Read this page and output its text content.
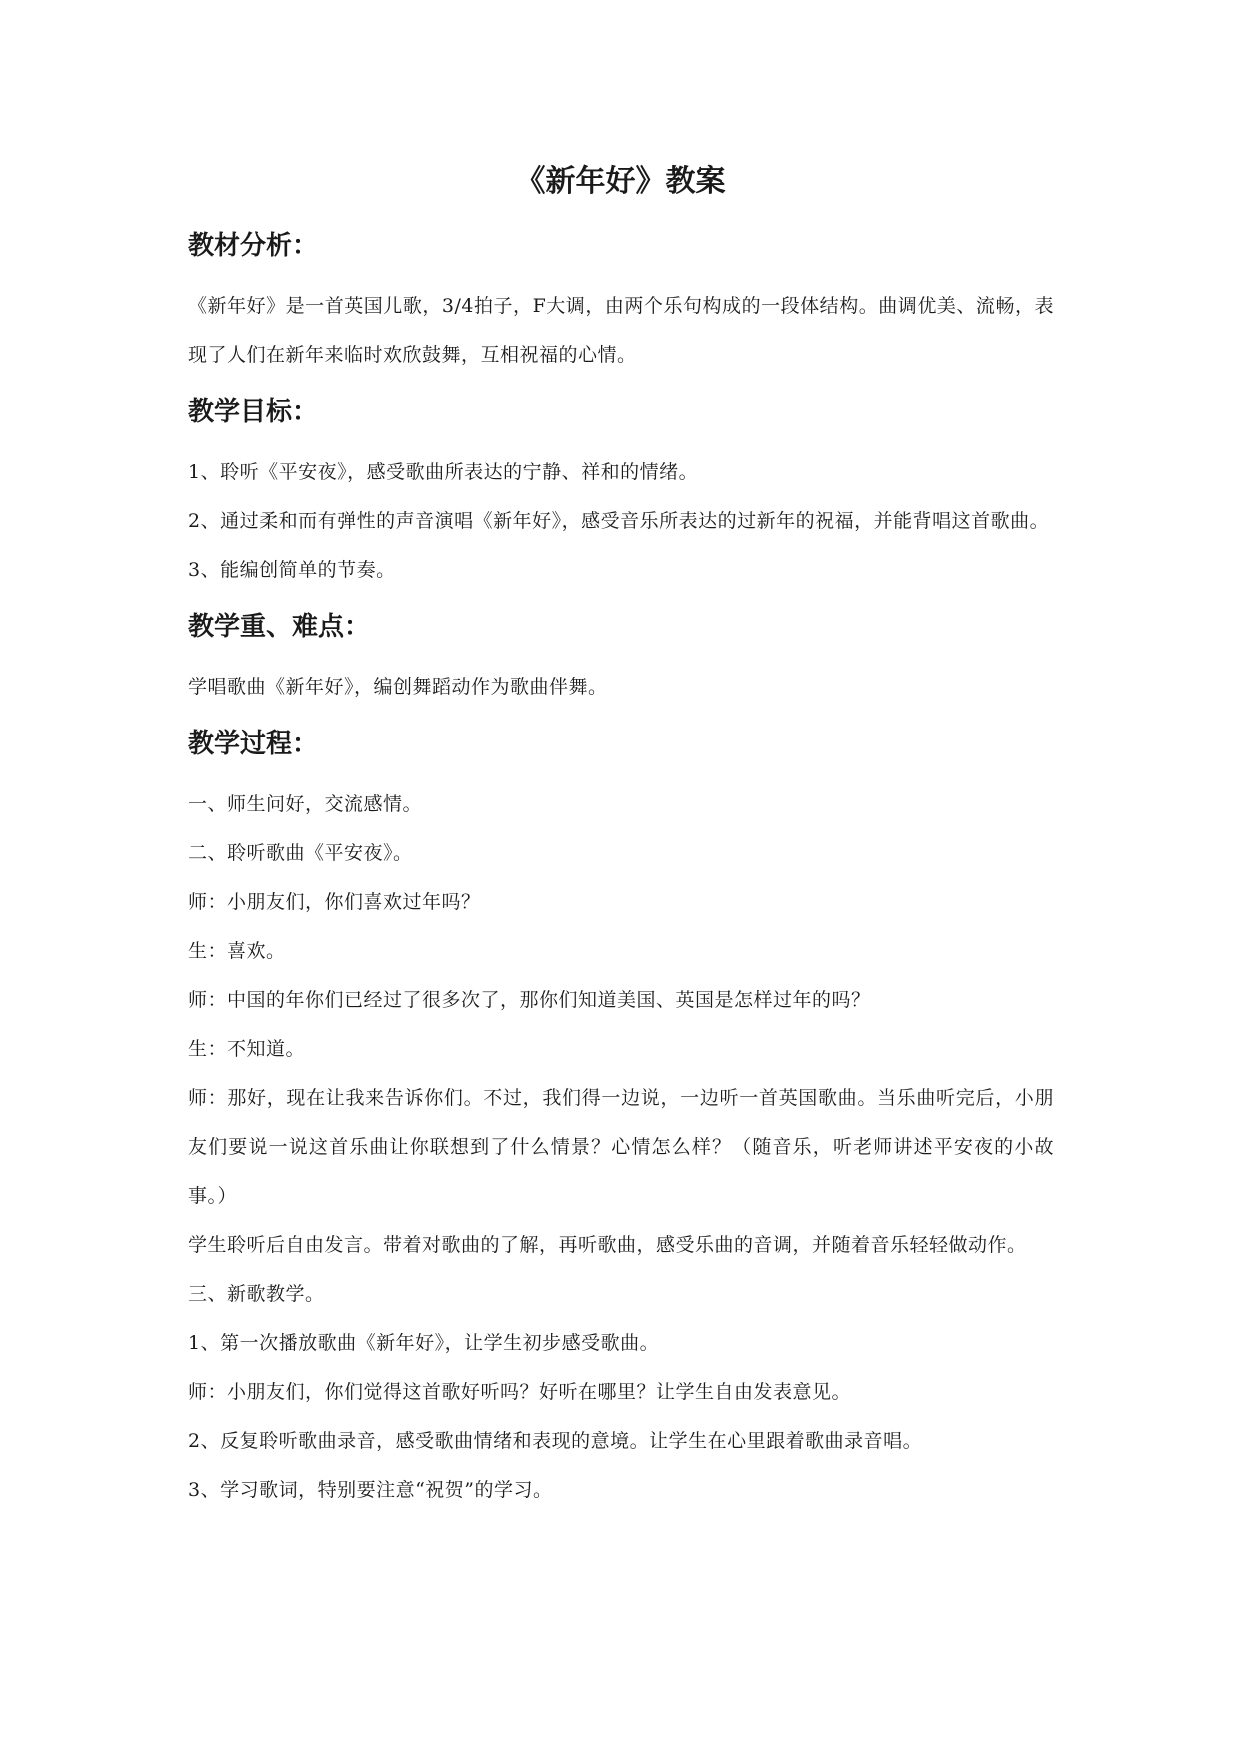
《新年好》教案
教材分析：

《新年好》是一首英国儿歌，3/4拍子，F大调，由两个乐句构成的一段体结构。曲调优美、流畅，表现了人们在新年来临时欢欣鼓舞，互相祝福的心情。

教学目标：

1、聆听《平安夜》，感受歌曲所表达的宁静、祥和的情绪。

2、通过柔和而有弹性的声音演唱《新年好》，感受音乐所表达的过新年的祝福，并能背唱这首歌曲。

3、能编创简单的节奏。

教学重、难点：

学唱歌曲《新年好》，编创舞蹈动作为歌曲伴舞。

教学过程：

一、师生问好，交流感情。

二、聆听歌曲《平安夜》。

师：小朋友们，你们喜欢过年吗？

生：喜欢。

师：中国的年你们已经过了很多次了，那你们知道美国、英国是怎样过年的吗？

生：不知道。

师：那好，现在让我来告诉你们。不过，我们得一边说，一边听一首英国歌曲。当乐曲听完后，小朋友们要说一说这首乐曲让你联想到了什么情景？心情怎么样？（随音乐，听老师讲述平安夜的小故事。）

学生聆听后自由发言。带着对歌曲的了解，再听歌曲，感受乐曲的音调，并随着音乐轻轻做动作。

三、新歌教学。

1、第一次播放歌曲《新年好》，让学生初步感受歌曲。

师：小朋友们，你们觉得这首歌好听吗？好听在哪里？让学生自由发表意见。

2、反复聆听歌曲录音，感受歌曲情绪和表现的意境。让学生在心里跟着歌曲录音唱。

3、学习歌词，特别要注意“祝贺”的学习。
